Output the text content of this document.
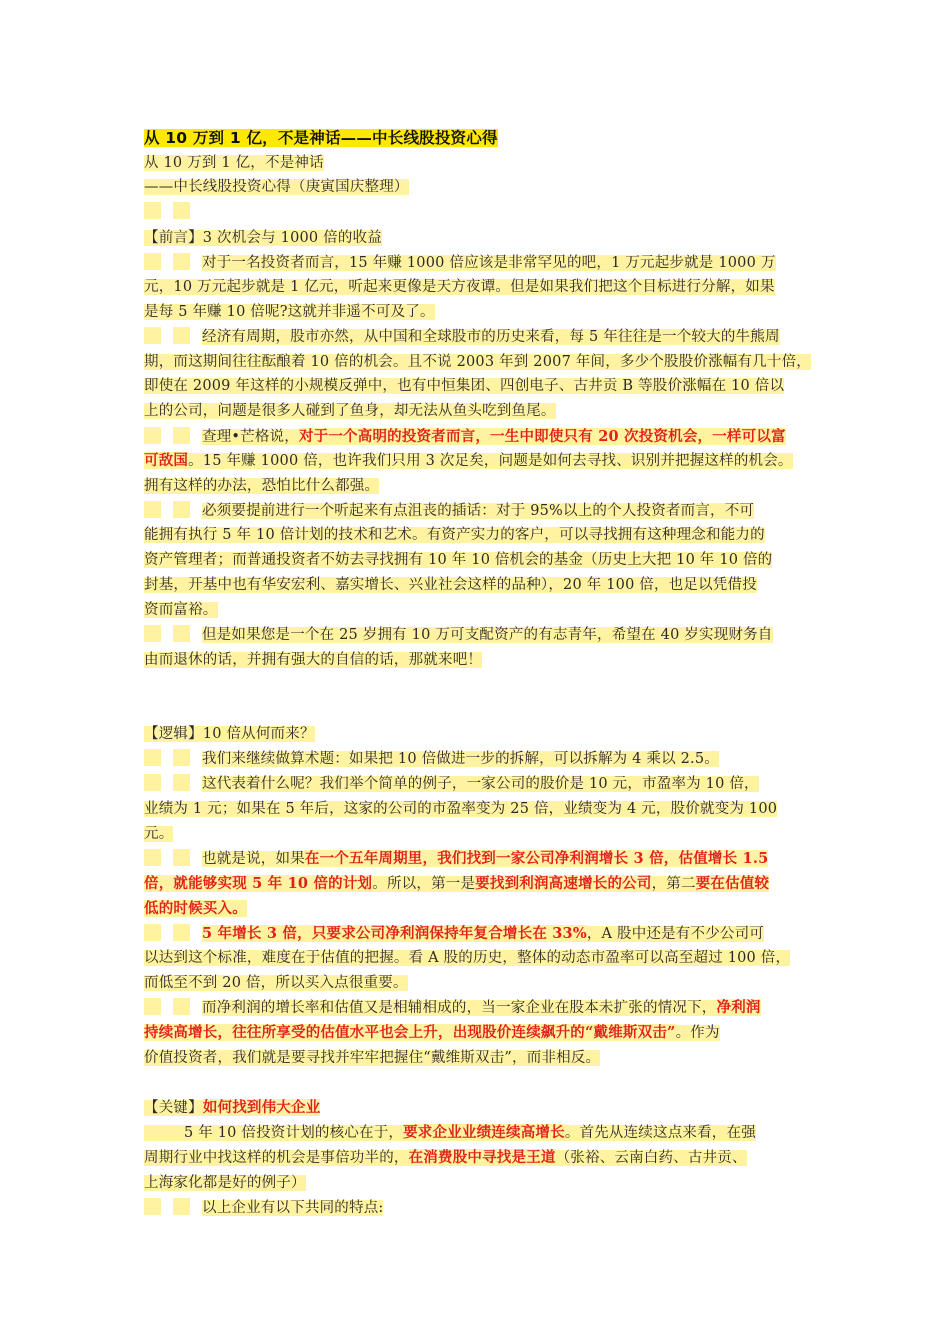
从 10 万到 1 亿，不是神话——中长线股投资心得
从 10 万到 1 亿，不是神话
——中长线股投资心得（庚寅国庆整理）
【前言】3 次机会与 1000 倍的收益
对于一名投资者而言，15 年赚 1000 倍应该是非常罕见的吧，1 万元起步就是 1000 万
元，10 万元起步就是 1 亿元，听起来更像是天方夜谭。但是如果我们把这个目标进行分解，如果
是每 5 年赚 10 倍呢?这就并非遥不可及了。
经济有周期，股市亦然，从中国和全球股市的历史来看，每 5 年往往是一个较大的牛熊周
期，而这期间往往酝酿着 10 倍的机会。且不说 2003 年到 2007 年间，多少个股股价涨幅有几十倍，
即使在 2009 年这样的小规模反弹中，也有中恒集团、四创电子、古井贡 B 等股价涨幅在 10 倍以
上的公司，问题是很多人碰到了鱼身，却无法从鱼头吃到鱼尾。
查理•芒格说，对于一个高明的投资者而言，一生中即使只有 20 次投资机会，一样可以富
可敌国。15 年赚 1000 倍，也许我们只用 3 次足矣，问题是如何去寻找、识别并把握这样的机会。
拥有这样的办法，恐怕比什么都强。
必须要提前进行一个听起来有点沮丧的插话：对于 95%以上的个人投资者而言，不可
能拥有执行 5 年 10 倍计划的技术和艺术。有资产实力的客户，可以寻找拥有这种理念和能力的
资产管理者；而普通投资者不妨去寻找拥有 10 年 10 倍机会的基金（历史上大把 10 年 10 倍的
封基，开基中也有华安宏利、嘉实增长、兴业社会这样的品种），20 年 100 倍，也足以凭借投
资而富裕。
但是如果您是一个在 25 岁拥有 10 万可支配资产的有志青年，希望在 40 岁实现财务自
由而退休的话，并拥有强大的自信的话，那就来吧！
【逻辑】10 倍从何而来？
我们来继续做算术题：如果把 10 倍做进一步的拆解，可以拆解为 4 乘以 2.5。
这代表着什么呢？我们举个简单的例子，一家公司的股价是 10 元，市盈率为 10 倍，
业绩为 1 元；如果在 5 年后，这家的公司的市盈率变为 25 倍，业绩变为 4 元，股价就变为 100
元。
也就是说，如果在一个五年周期里，我们找到一家公司净利润增长 3 倍，估值增长 1.5
倍，就能够实现 5 年 10 倍的计划。所以，第一是要找到利润高速增长的公司，第二要在估值较
低的时候买入。
5 年增长 3 倍，只要求公司净利润保持年复合增长在 33%，A 股中还是有不少公司可
以达到这个标准，难度在于估值的把握。看 A 股的历史，整体的动态市盈率可以高至超过 100 倍，
而低至不到 20 倍，所以买入点很重要。
而净利润的增长率和估值又是相辅相成的，当一家企业在股本未扩张的情况下，净利润
持续高增长，往往所享受的估值水平也会上升，出现股价连续飙升的“戴维斯双击”。作为
价值投资者，我们就是要寻找并牢牢把握住“戴维斯双击”，而非相反。
【关键】如何找到伟大企业
5 年 10 倍投资计划的核心在于，要求企业业绩连续高增长。首先从连续这点来看，在强
周期行业中找这样的机会是事倍功半的，在消费股中寻找是王道（张裕、云南白药、古井贡、
上海家化都是好的例子）
以上企业有以下共同的特点:
